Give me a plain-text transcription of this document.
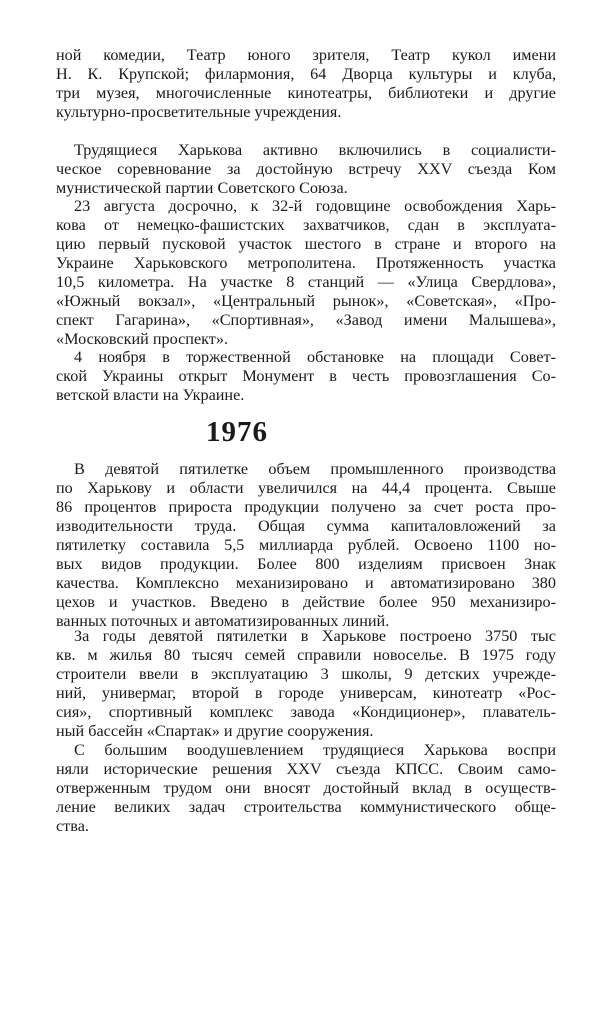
ной комедии, Театр юного зрителя, Театр кукол имени
Н. К. Крупской; филармония, 64 Дворца культуры и клуба,
три музея, многочисленные кинотеатры, библиотеки и другие
культурно-просветительные учреждения.
Трудящиеся Харькова активно включились в социалисти-
ческое соревнование за достойную встречу XXV съезда Ком
мунистической партии Советского Союза.
23 августа досрочно, к 32-й годовщине освобождения Харь-
кова от немецко-фашистских захватчиков, сдан в эксплуата-
цию первый пусковой участок шестого в стране и второго на
Украине Харьковского метрополитена. Протяженность участка
10,5 километра. На участке 8 станций — «Улица Свердлова»,
«Южный вокзал», «Центральный рынок», «Советская», «Про-
спект Гагарина», «Спортивная», «Завод имени Малышева»,
«Московский проспект».
4 ноября в торжественной обстановке на площади Совет-
ской Украины открыт Монумент в честь провозглашения Со-
ветской власти на Украине.
1976
В девятой пятилетке объем промышленного производства
по Харькову и области увеличился на 44,4 процента. Свыше
86 процентов прироста продукции получено за счет роста про-
изводительности труда. Общая сумма капиталовложений за
пятилетку составила 5,5 миллиарда рублей. Освоено 1100 но-
вых видов продукции. Более 800 изделиям присвоен Знак
качества. Комплексно механизировано и автоматизировано 380
цехов и участков. Введено в действие более 950 механизиро-
ванных поточных и автоматизированных линий.
За годы девятой пятилетки в Харькове построено 3750 тыс
кв. м жилья 80 тысяч семей справили новоселье. В 1975 году
строители ввели в эксплуатацию 3 школы, 9 детских учрежде-
ний, универмаг, второй в городе универсам, кинотеатр «Рос-
сия», спортивный комплекс завода «Кондиционер», плаватель-
ный бассейн «Спартак» и другие сооружения.
С большим воодушевлением трудящиеся Харькова воспри
няли исторические решения XXV съезда КПСС. Своим само-
отверженным трудом они вносят достойный вклад в осуществ-
ление великих задач строительства коммунистического обще-
ства.
